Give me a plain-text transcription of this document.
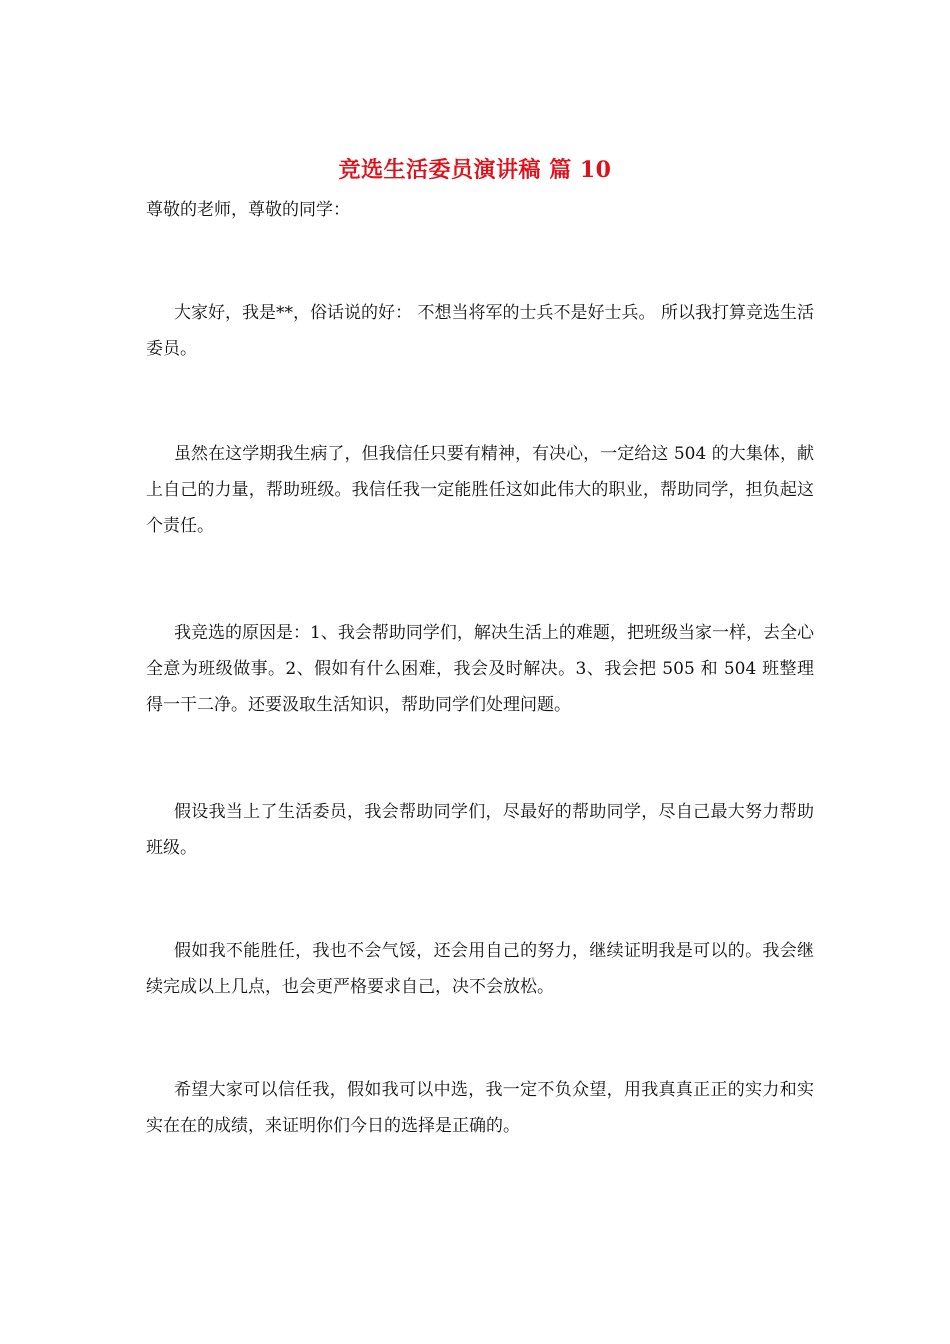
竞选生活委员演讲稿 篇 10
尊敬的老师，尊敬的同学：

大家好，我是**，俗话说的好： 不想当将军的士兵不是好士兵。 所以我打算竞选生活委员。

虽然在这学期我生病了，但我信任只要有精神，有决心，一定给这 504 的大集体，献上自己的力量，帮助班级。我信任我一定能胜任这如此伟大的职业，帮助同学，担负起这个责任。

我竞选的原因是：1、我会帮助同学们，解决生活上的难题，把班级当家一样，去全心全意为班级做事。2、假如有什么困难，我会及时解决。3、我会把 505 和 504 班整理得一干二净。还要汲取生活知识，帮助同学们处理问题。

假设我当上了生活委员，我会帮助同学们，尽最好的帮助同学，尽自己最大努力帮助班级。

假如我不能胜任，我也不会气馁，还会用自己的努力，继续证明我是可以的。我会继续完成以上几点，也会更严格要求自己，决不会放松。

希望大家可以信任我，假如我可以中选，我一定不负众望，用我真真正正的实力和实实在在的成绩，来证明你们今日的选择是正确的。
